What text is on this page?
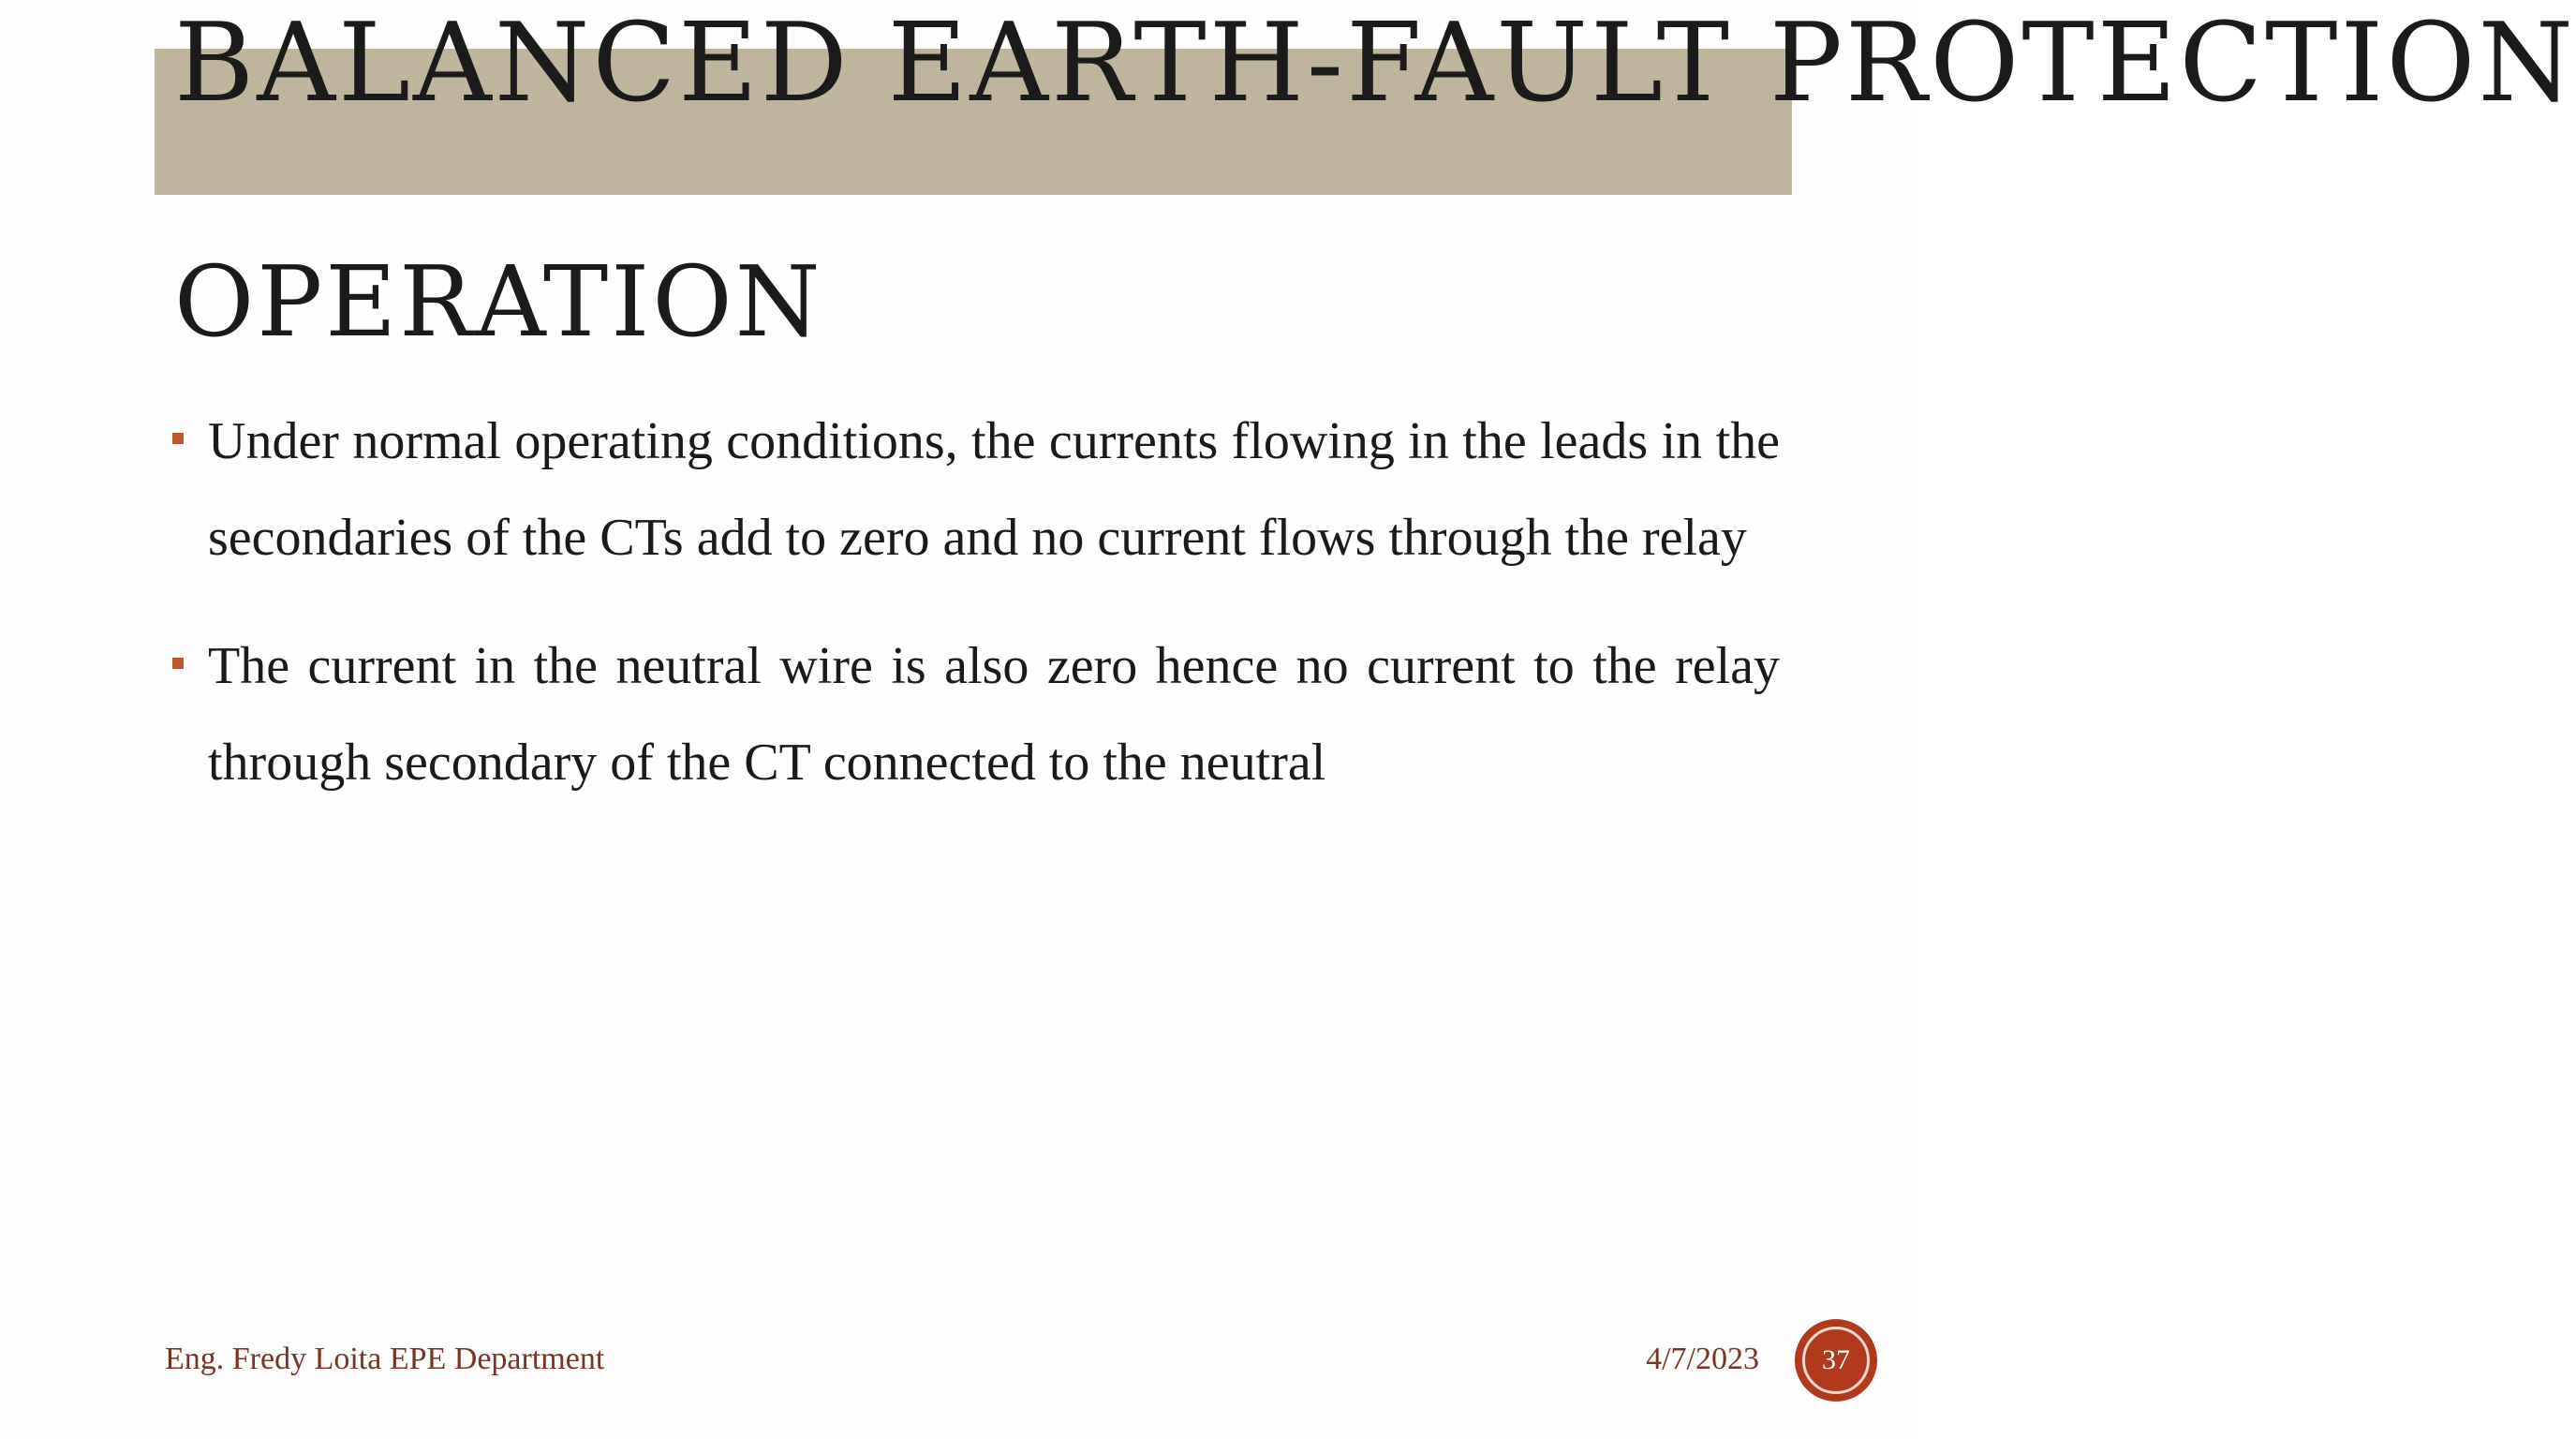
BALANCED EARTH-FAULT PROTECTION
OPERATION
Under normal operating conditions, the currents flowing in the leads in the secondaries of the CTs add to zero and no current flows through the relay
The current in the neutral wire is also zero hence no current to the relay through secondary of the CT connected to the neutral
Eng. Fredy Loita EPE Department	4/7/2023	37
